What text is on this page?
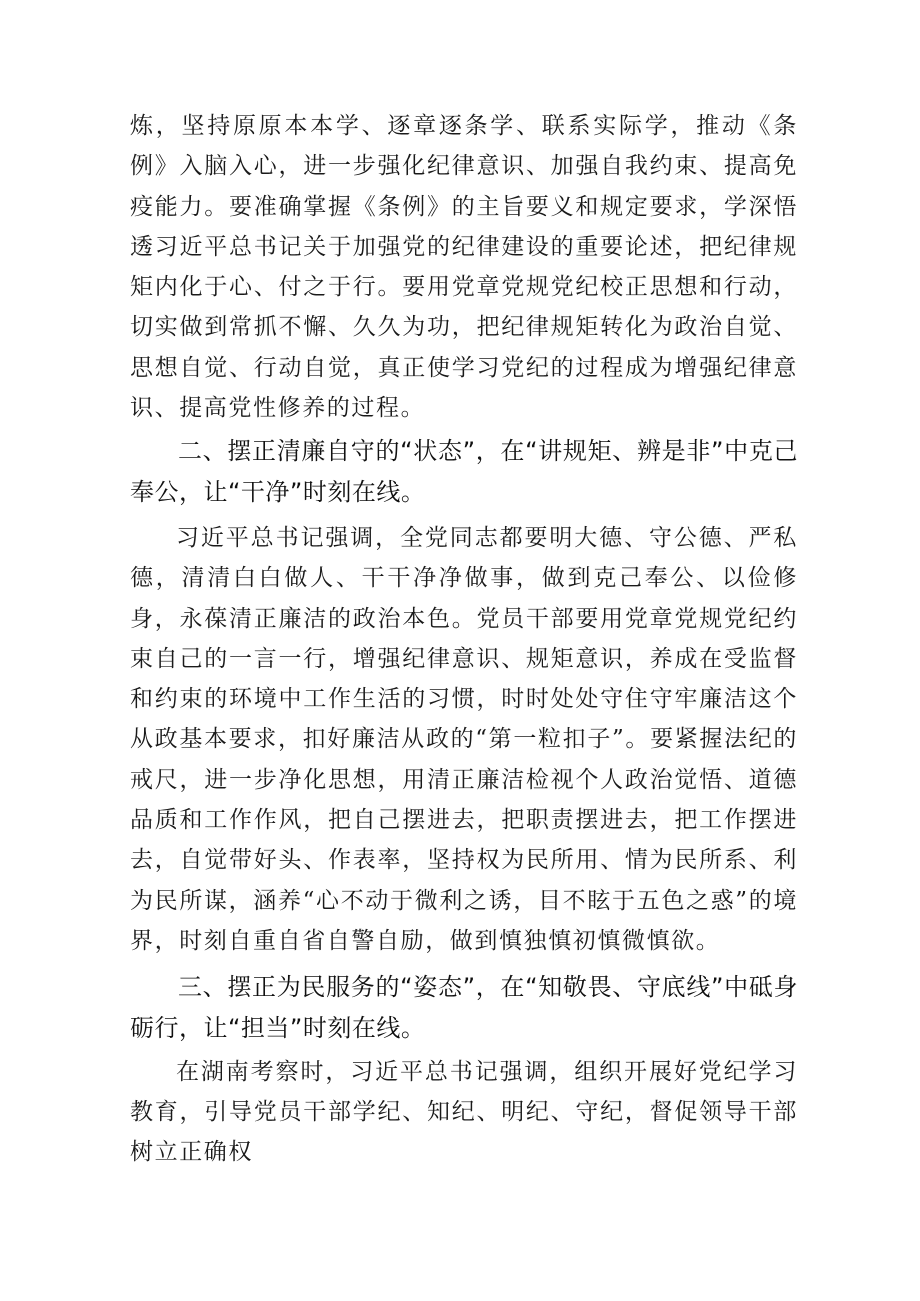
炼，坚持原原本本学、逐章逐条学、联系实际学，推动《条例》入脑入心，进一步强化纪律意识、加强自我约束、提高免疫能力。要准确掌握《条例》的主旨要义和规定要求，学深悟透习近平总书记关于加强党的纪律建设的重要论述，把纪律规矩内化于心、付之于行。要用党章党规党纪校正思想和行动，切实做到常抓不懈、久久为功，把纪律规矩转化为政治自觉、思想自觉、行动自觉，真正使学习党纪的过程成为增强纪律意识、提高党性修养的过程。

二、摆正清廉自守的“状态”，在“讲规矩、辨是非”中克己奉公，让“干净”时刻在线。

习近平总书记强调，全党同志都要明大德、守公德、严私德，清清白白做人、干干净净做事，做到克己奉公、以俭修身，永葆清正廉洁的政治本色。党员干部要用党章党规党纪约束自己的一言一行，增强纪律意识、规矩意识，养成在受监督和约束的环境中工作生活的习惯，时时处处守住守牢廉洁这个从政基本要求，扣好廉洁从政的“第一粒扣子”。要紧握法纪的戒尺，进一步净化思想，用清正廉洁检视个人政治觉悟、道德品质和工作作风，把自己摆进去，把职责摆进去，把工作摆进去，自觉带好头、作表率，坚持权为民所用、情为民所系、利为民所谋，涵养“心不动于微利之诱，目不眩于五色之惑”的境界，时刻自重自省自警自励，做到慎独慎初慎微慎欲。

三、摆正为民服务的“姿态”，在“知敬畏、守底线”中砥身砺行，让“担当”时刻在线。

在湖南考察时，习近平总书记强调，组织开展好党纪学习教育，引导党员干部学纪、知纪、明纪、守纪，督促领导干部树立正确权
